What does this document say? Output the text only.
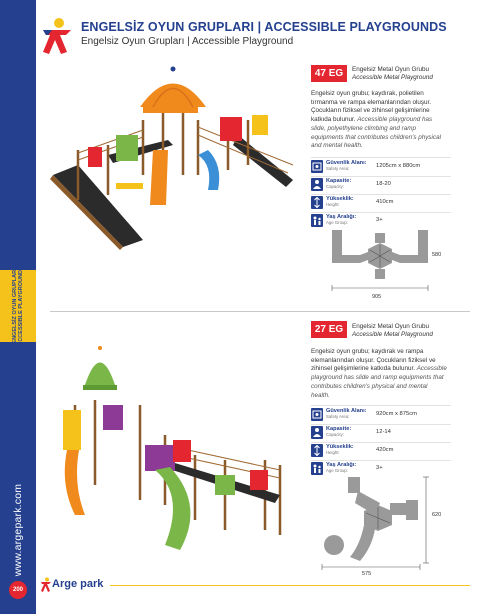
ENGELSİZ OYUN GRUPLARI ACCESSIBLE PLAYGROUNDS
www.argepark.com
200
ENGELSİZ OYUN GRUPLARI | ACCESSIBLE PLAYGROUNDS
Engelsiz Oyun Grupları | Accessible Playground
47 EG	Engelsiz Metal Oyun Grubu
Accessible Metal Playground
Engelsiz oyun grubu; kaydırak, polietilen tırmanma ve rampa elemanlarından oluşur. Çocukların fiziksel ve zihinsel gelişimlerine katkıda bulunur. Accessible playground has slide, polyethylene climbing and ramp equipments that contributes children's physical and mental health.
Güvenlik Alanı:
Safety Area:	1205cm x 880cm
Kapasite:
Capacity:	18-20
Yükseklik:
Height:	410cm
Yaş Aralığı:
Age Group:	3+
905
580
27 EG	Engelsiz Metal Oyun Grubu
Accessible Metal Playground
Engelsiz oyun grubu; kaydırak ve rampa elemanlarından oluşur. Çocukların fiziksel ve zihinsel gelişimlerine katkıda bulunur. Accessible playground has slide and ramp equipments that contributes children's physical and mental health.
Güvenlik Alanı:
Safety Area:	920cm x 875cm
Kapasite:
Capacity:	12-14
Yükseklik:
Height:	420cm
Yaş Aralığı:
Age Group:	3+
575
620
Arge park
